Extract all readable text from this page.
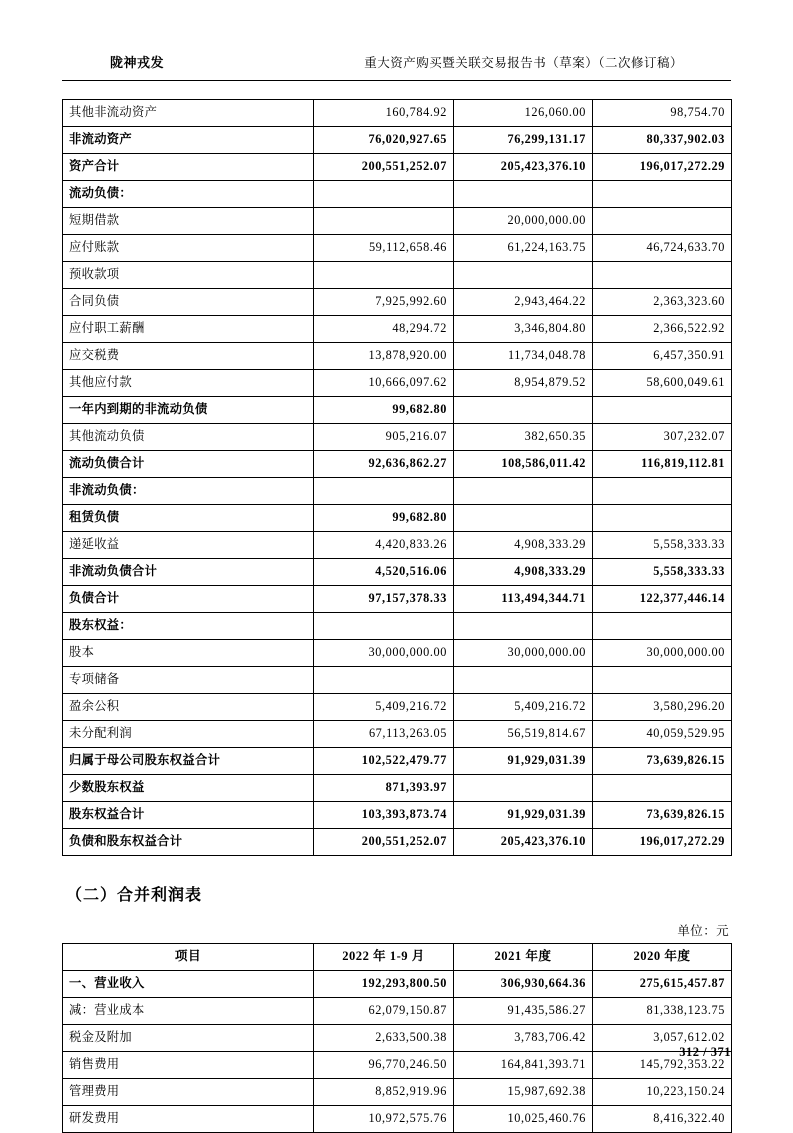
陇神戎发	重大资产购买暨关联交易报告书（草案）（二次修订稿）
其他非流动资产	160,784.92	126,060.00	98,754.70
非流动资产	76,020,927.65	76,299,131.17	80,337,902.03
资产合计	200,551,252.07	205,423,376.10	196,017,272.29
流动负债：			
短期借款		20,000,000.00	
应付账款	59,112,658.46	61,224,163.75	46,724,633.70
预收款项			
合同负债	7,925,992.60	2,943,464.22	2,363,323.60
应付职工薪酬	48,294.72	3,346,804.80	2,366,522.92
应交税费	13,878,920.00	11,734,048.78	6,457,350.91
其他应付款	10,666,097.62	8,954,879.52	58,600,049.61
一年内到期的非流动负债	99,682.80		
其他流动负债	905,216.07	382,650.35	307,232.07
流动负债合计	92,636,862.27	108,586,011.42	116,819,112.81
非流动负债：			
租赁负债	99,682.80		
递延收益	4,420,833.26	4,908,333.29	5,558,333.33
非流动负债合计	4,520,516.06	4,908,333.29	5,558,333.33
负债合计	97,157,378.33	113,494,344.71	122,377,446.14
股东权益：			
股本	30,000,000.00	30,000,000.00	30,000,000.00
专项储备			
盈余公积	5,409,216.72	5,409,216.72	3,580,296.20
未分配利润	67,113,263.05	56,519,814.67	40,059,529.95
归属于母公司股东权益合计	102,522,479.77	91,929,031.39	73,639,826.15
少数股东权益	871,393.97		
股东权益合计	103,393,873.74	91,929,031.39	73,639,826.15
负债和股东权益合计	200,551,252.07	205,423,376.10	196,017,272.29
（二）合并利润表
单位：元
项目	2022 年 1-9 月	2021 年度	2020 年度
一、营业收入	192,293,800.50	306,930,664.36	275,615,457.87
减：营业成本	62,079,150.87	91,435,586.27	81,338,123.75
税金及附加	2,633,500.38	3,783,706.42	3,057,612.02
销售费用	96,770,246.50	164,841,393.71	145,792,353.22
管理费用	8,852,919.96	15,987,692.38	10,223,150.24
研发费用	10,972,575.76	10,025,460.76	8,416,322.40
312 / 371
